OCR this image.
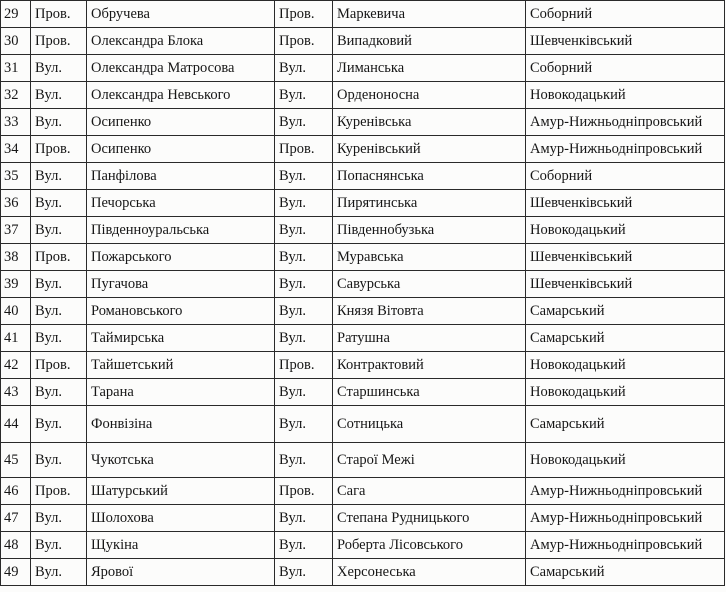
29	Пров.	Обручева	Пров.	Маркевича	Соборний
30	Пров.	Олександра Блока	Пров.	Випадковий	Шевченківський
31	Вул.	Олександра Матросова	Вул.	Лиманська	Соборний
32	Вул.	Олександра Невського	Вул.	Орденоносна	Новокодацький
33	Вул.	Осипенко	Вул.	Куренівська	Амур-Нижньодніпровський
34	Пров.	Осипенко	Пров.	Куренівський	Амур-Нижньодніпровський
35	Вул.	Панфілова	Вул.	Попаснянська	Соборний
36	Вул.	Печорська	Вул.	Пирятинська	Шевченківський
37	Вул.	Південноуральська	Вул.	Південнобузька	Новокодацький
38	Пров.	Пожарського	Вул.	Муравська	Шевченківський
39	Вул.	Пугачова	Вул.	Савурська	Шевченківський
40	Вул.	Романовського	Вул.	Князя Вітовта	Самарський
41	Вул.	Таймирська	Вул.	Ратушна	Самарський
42	Пров.	Тайшетський	Пров.	Контрактовий	Новокодацький
43	Вул.	Тарана	Вул.	Старшинська	Новокодацький
44	Вул.	Фонвізіна	Вул.	Сотницька	Самарський
45	Вул.	Чукотська	Вул.	Старої Межі	Новокодацький
46	Пров.	Шатурський	Пров.	Сага	Амур-Нижньодніпровський
47	Вул.	Шолохова	Вул.	Степана Рудницького	Амур-Нижньодніпровський
48	Вул.	Щукіна	Вул.	Роберта Лісовського	Амур-Нижньодніпровський
49	Вул.	Ярової	Вул.	Херсонеська	Самарський
